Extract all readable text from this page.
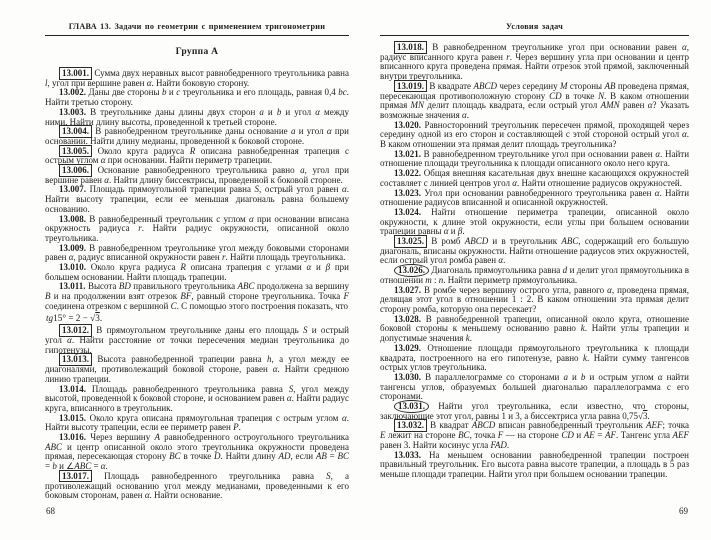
ГЛАВА 13. Задачи по геометрии с применением тригонометрии
Группа А

13.001. Сумма двух неравных высот равнобедренного треугольника равна l, угол при вершине равен α. Найти боковую сторону.

13.002. Даны две стороны b и c треугольника и его площадь, равная 0,4 bc. Найти третью сторону.

13.003. В треугольнике даны длины двух сторон a и b и угол α между ними. Найти длину высоты, проведенной к третьей стороне.

13.004. В равнобедренном треугольнике даны основание a и угол α при основании. Найти длину медианы, проведенной к боковой стороне.

13.005. Около круга радиуса R описана равнобедренная трапеция с острым углом α при основании. Найти периметр трапеции.

13.006. Основание равнобедренного треугольника равно a, угол при вершине равен α. Найти длину биссектрисы, проведенной к боковой стороне.

13.007. Площадь прямоугольной трапеции равна S, острый угол равен α. Найти высоту трапеции, если ее меньшая диагональ равна большему основанию.

13.008. В равнобедренный треугольник с углом α при основании вписана окружность радиуса r. Найти радиус окружности, описанной около треугольника.

13.009. В равнобедренном треугольнике угол между боковыми сторонами равен α, радиус вписанной окружности равен r. Найти площадь треугольника.

13.010. Около круга радиуса R описана трапеция с углами α и β при большем основании. Найти площадь трапеции.

13.011. Высота BD правильного треугольника ABC продолжена за вершину B и на продолжении взят отрезок BF, равный стороне треугольника. Точка F соединена отрезком с вершиной C. С помощью этого построения показать, что

tg15° = 2 − √3.

13.012. В прямоугольном треугольнике даны его площадь S и острый угол α. Найти расстояние от точки пересечения медиан треугольника до гипотенузы.

13.013. Высота равнобедренной трапеции равна h, а угол между ее диагоналями, противолежащий боковой стороне, равен α. Найти среднюю линию трапеции.

13.014. Площадь равнобедренного треугольника равна S, угол между высотой, проведенной к боковой стороне, и основанием равен α. Найти радиус круга, вписанного в треугольник.

13.015. Около круга описана прямоугольная трапеция с острым углом α. Найти высоту трапеции, если ее периметр равен P.

13.016. Через вершину A равнобедренного остроугольного треугольника ABC и центр описанной около этого треугольника окружности проведена прямая, пересекающая сторону BC в точке D. Найти длину AD, если AB = BC = b и ∠ABC = α.

13.017. Площадь равнобедренного треугольника равна S, а противолежащий основанию угол между медианами, проведенными к его боковым сторонам, равен α. Найти основание.

68
Условия задач

13.018. В равнобедренном треугольнике угол при основании равен α, радиус вписанного круга равен r. Через вершину угла при основании и центр вписанного круга проведена прямая. Найти отрезок этой прямой, заключенный внутри треугольника.

13.019. В квадрате ABCD через середину M стороны AB проведена прямая, пересекающая противоположную сторону CD в точке N. В каком отношении прямая MN делит площадь квадрата, если острый угол AMN равен α? Указать возможные значения α.

13.020. Равносторонний треугольник пересечен прямой, проходящей через середину одной из его сторон и составляющей с этой стороной острый угол α. В каком отношении эта прямая делит площадь треугольника?

13.021. В равнобедренном треугольнике угол при основании равен α. Найти отношение площади треугольника к площади описанного около него круга.

13.022. Общая внешняя касательная двух внешне касающихся окружностей составляет с линией центров угол α. Найти отношение радиусов окружностей.

13.023. Угол при основании равнобедренного треугольника равен α. Найти отношение радиусов вписанной и описанной окружностей.

13.024. Найти отношение периметра трапеции, описанной около окружности, к длине этой окружности, если углы при большем основании трапеции равны α и β.

13.025. В ромб ABCD и в треугольник ABC, содержащий его большую диагональ, вписаны окружности. Найти отношение радиусов этих окружностей, если острый угол ромба равен α.

13.026. Диагональ прямоугольника равна d и делит угол прямоугольника в отношении m : n. Найти периметр прямоугольника.

13.027. В ромбе через вершину острого угла, равного α, проведена прямая, делящая этот угол в отношении 1 : 2. В каком отношении эта прямая делит сторону ромба, которую она пересекает?

13.028. В равнобедренной трапеции, описанной около круга, отношение боковой стороны к меньшему основанию равно k. Найти углы трапеции и допустимые значения k.

13.029. Отношение площади прямоугольного треугольника к площади квадрата, построенного на его гипотенузе, равно k. Найти сумму тангенсов острых углов треугольника.

13.030. В параллелограмме со сторонами a и b и острым углом α найти тангенсы углов, образуемых большей диагональю параллелограмма с его сторонами.

13.031. Найти угол треугольника, если известно, что стороны, заключающие этот угол, равны 1 и 3, а биссектриса угла равна 0,75√3.

13.032. В квадрат ABCD вписан равнобедренный треугольник AEF; точка E лежит на стороне BC, точка F — на стороне CD и AE = AF. Тангенс угла AEF равен 3. Найти косинус угла FAD.

13.033. На меньшем основании равнобедренной трапеции построен правильный треугольник. Его высота равна высоте трапеции, а площадь в 5 раз меньше площади трапеции. Найти угол при большем основании трапеции.

69
